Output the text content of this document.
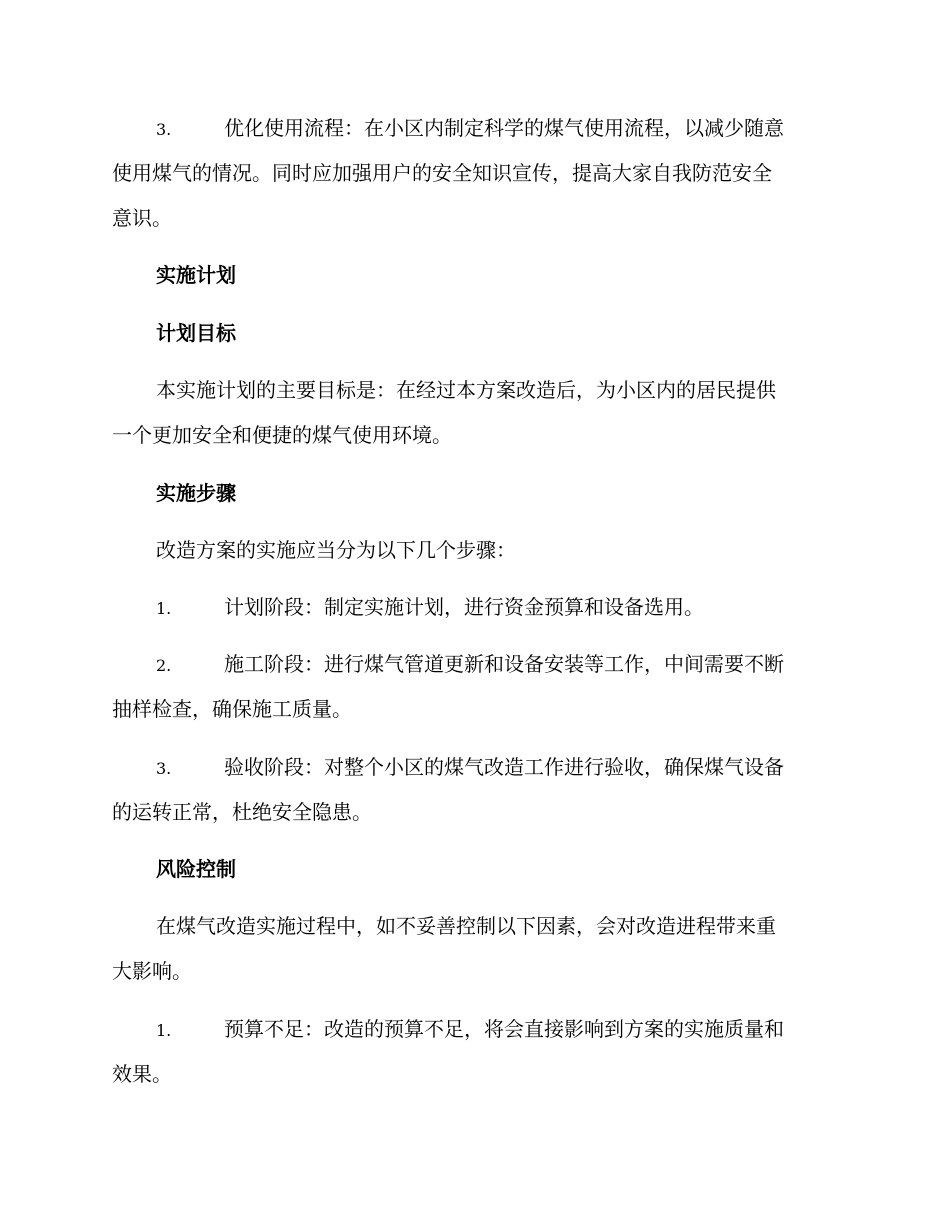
3.	优化使用流程：在小区内制定科学的煤气使用流程，以减少随意
使用煤气的情况。同时应加强用户的安全知识宣传，提高大家自我防范安全
意识。
实施计划
计划目标
本实施计划的主要目标是：在经过本方案改造后，为小区内的居民提供
一个更加安全和便捷的煤气使用环境。
实施步骤
改造方案的实施应当分为以下几个步骤：
1.	计划阶段：制定实施计划，进行资金预算和设备选用。
2.	施工阶段：进行煤气管道更新和设备安装等工作，中间需要不断
抽样检查，确保施工质量。
3.	验收阶段：对整个小区的煤气改造工作进行验收，确保煤气设备
的运转正常，杜绝安全隐患。
风险控制
在煤气改造实施过程中，如不妥善控制以下因素，会对改造进程带来重
大影响。
1.	预算不足：改造的预算不足，将会直接影响到方案的实施质量和
效果。
